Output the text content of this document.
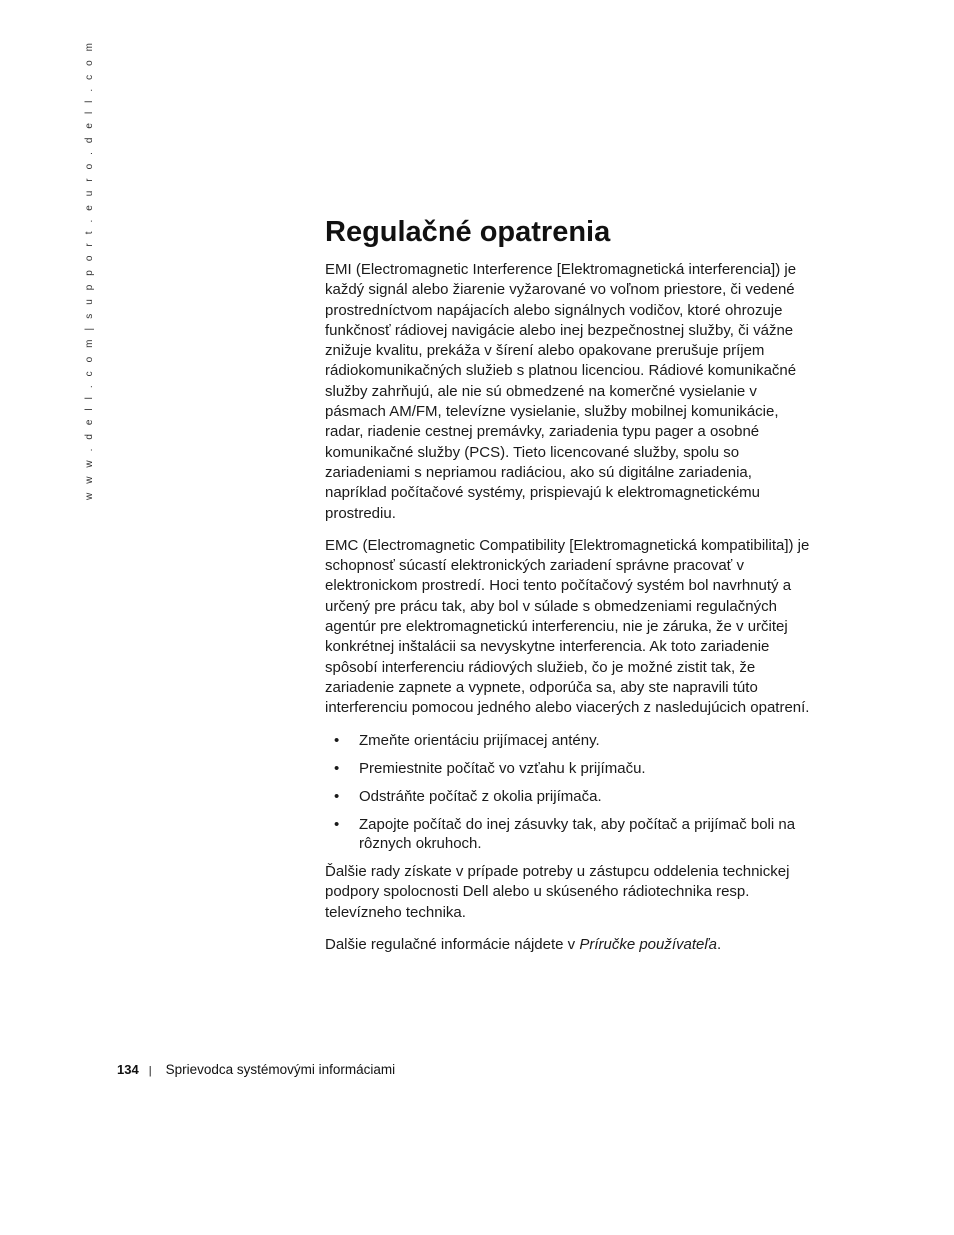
w w w . d e l l . c o m|s u p p o r t . e u r o . d e l l . c o m	Regulačné opatrenia

EMI (Electromagnetic Interference [Elektromagnetická interferencia]) je každý signál alebo žiarenie vyžarované vo voľnom priestore, či vedené prostredníctvom napájacích alebo signálnych vodičov, ktoré ohrozuje funkčnosť rádiovej navigácie alebo inej bezpečnostnej služby, či vážne znižuje kvalitu, prekáža v šírení alebo opakovane prerušuje príjem rádiokomunikačných služieb s platnou licenciou. Rádiové komunikačné služby zahrňujú, ale nie sú obmedzené na komerčné vysielanie v pásmach AM/FM, televízne vysielanie, služby mobilnej komunikácie, radar, riadenie cestnej premávky, zariadenia typu pager a osobné komunikačné služby (PCS). Tieto licencované služby, spolu so zariadeniami s nepriamou radiáciou, ako sú digitálne zariadenia, napríklad počítačové systémy, prispievajú k elektromagnetickému prostrediu.

EMC (Electromagnetic Compatibility [Elektromagnetická kompatibilita]) je schopnosť súcastí elektronických zariadení správne pracovať v elektronickom prostredí. Hoci tento počítačový systém bol navrhnutý a určený pre prácu tak, aby bol v súlade s obmedzeniami regulačných agentúr pre elektromagnetickú interferenciu, nie je záruka, že v určitej konkrétnej inštalácii sa nevyskytne interferencia. Ak toto zariadenie spôsobí interferenciu rádiových služieb, čo je možné zistit tak, že zariadenie zapnete a vypnete, odporúča sa, aby ste napravili túto interferenciu pomocou jedného alebo viacerých z nasledujúcich opatrení.

• Zmeňte orientáciu prijímacej antény.
• Premiestnite počítač vo vzťahu k prijímaču.
• Odstráňte počítač z okolia prijímača.
• Zapojte počítač do inej zásuvky tak, aby počítač a prijímač boli na rôznych okruhoch.

Ďalšie rady získate v prípade potreby u zástupcu oddelenia technickej podpory spolocnosti Dell alebo u skúseného rádiotechnika resp. televízneho technika.

Dalšie regulačné informácie nájdete v Príručke používateľa.

134 | Sprievodca systémovými informáciami
